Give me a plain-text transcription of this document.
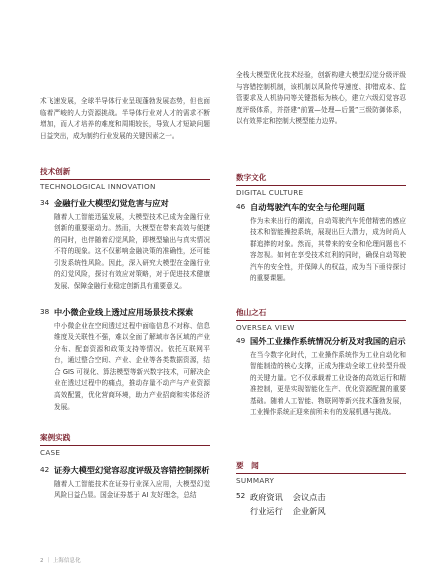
术飞速发展，全球半导体行业呈现蓬勃发展态势，但也面临着严峻的人力资源挑战。半导体行业对人才的需求不断增加，而人才培养的难度和周期较长，导致人才短缺问题日益突出，成为制约行业发展的关键因素之一。

全栈大模型优化技术经验，创新构建大模型幻觉分级评级与容错控制机制，该机制以风险传导速度、抑错成本、监管要求及人机协同等关键指标为核心，建立六级幻觉容忍度评级体系，并搭建“前置—处理—后置”三级防御体系，以有效界定和控制大模型能力边界。

技术创新
TECHNOLOGICAL INNOVATION
34 金融行业大模型幻觉危害与应对

随着人工智能迅猛发展，大模型技术已成为金融行业创新的重要驱动力。然而，大模型在带来高效与便捷的同时，也伴随着幻觉风险，即模型输出与真实情况不符的现象。这不仅影响金融决策的准确性，还可能引发系统性风险。因此，深入研究大模型在金融行业的幻觉风险，探讨有效应对策略，对于促进技术健康发展、保障金融行业稳定创新具有重要意义。

38 中小微企业线上透过应用场景技术探索

中小微企业在空间透过过程中面临信息不对称、信息维度及关联性不强，难以全面了解域市各区域的产业分布、配套资源和政策支持等情况。依托互联网平台，通过整合空间、产业、企业等各类数据资源，结合 GIS 可视化、算法模型等新兴数字技术，可解决企业在透过过程中的痛点，推动存量不动产与产业资源高效配置，优化营商环境，助力产业招商和实体经济发展。

案例实践
CASE
42 证券大模型幻觉容忍度评级及容错控制探析

随着人工智能技术在证券行业深入应用，大模型幻觉风险日益凸显。国金证券基于 AI 友好理念，总结

数字文化
DIGITAL CULTURE
46 自动驾驶汽车的安全与伦理问题

作为未来出行的潮流，自动驾驶汽车凭借精密的感应技术和智能操控系统，展现出巨大潜力，成为时尚人群追捧的对象。然而，其带来的安全和伦理问题也不容忽视。如何在享受技术红利的同时，确保自动驾驶汽车的安全性，并保障人的权益，成为当下亟待探讨的重要课题。

他山之石
OVERSEA VIEW
49 国外工业操作系统情况分析及对我国的启示

在当今数字化时代，工业操作系统作为工业自动化和智能制造的核心支撑，正成为推动全球工业转型升级的关键力量。它不仅承载着工业设备的高效运行和精准控制，更是实现智能化生产、优化资源配置的重要基础。随着人工智能、物联网等新兴技术蓬勃发展，工业操作系统正迎来前所未有的发展机遇与挑战。

要　闻
SUMMARY
52 政府资讯 会议点击
行业运行 企业新风
2 ｜ 上海信息化
